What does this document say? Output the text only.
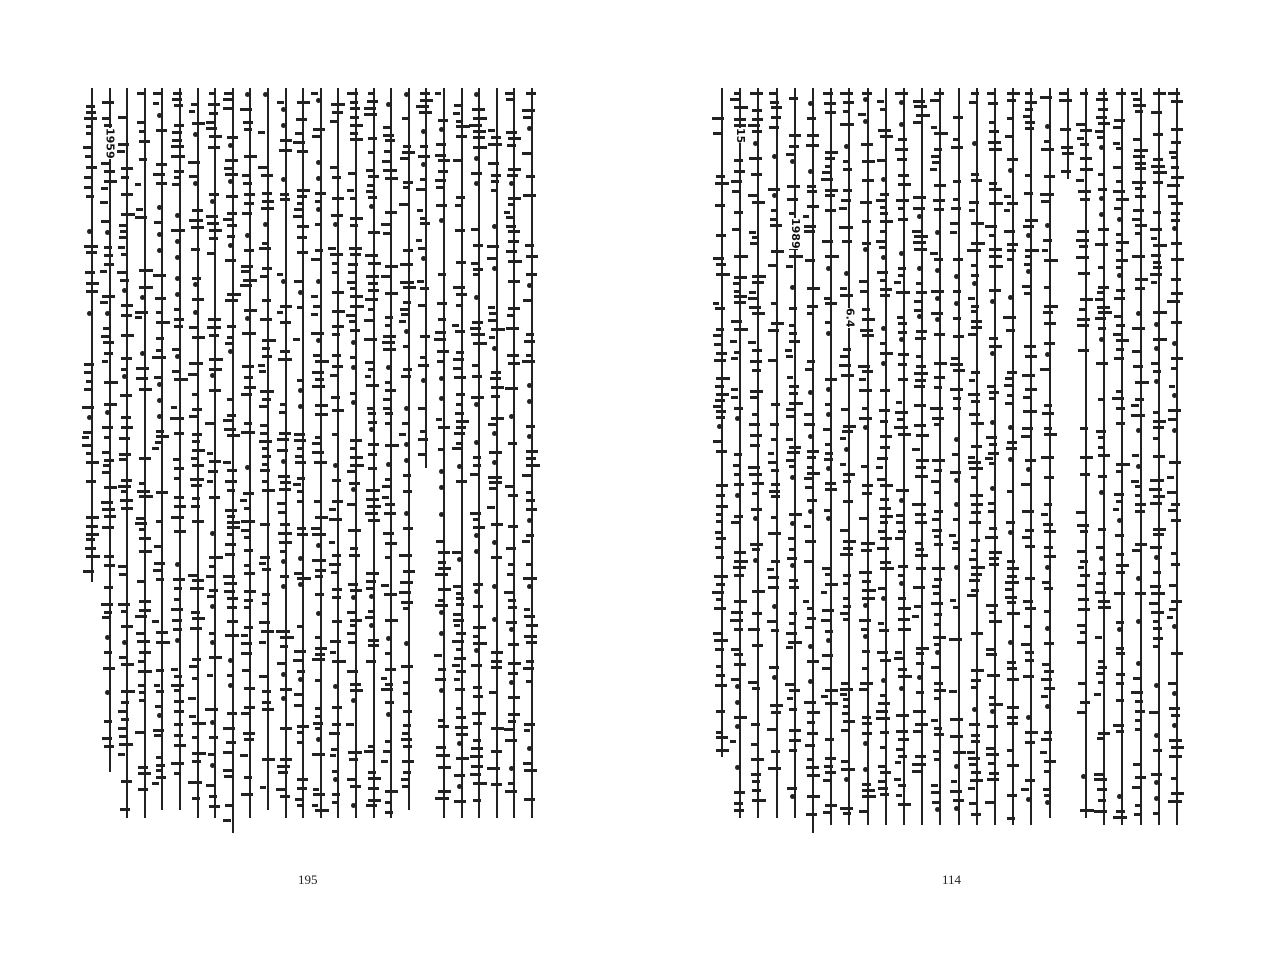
1959	15
1989
6.4
195	114
